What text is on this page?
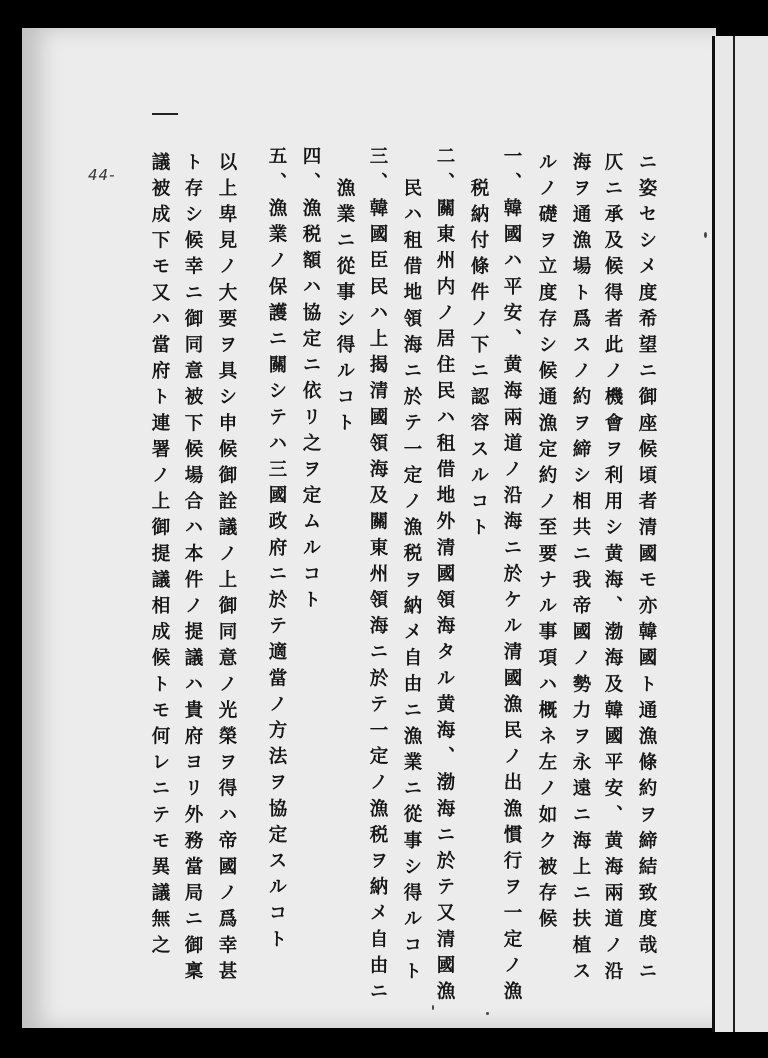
44-	ニ姿セシメ度希望ニ御座候頃者清國モ亦韓國ト通漁條約ヲ締結致度哉ニ
仄ニ承及候得者此ノ機會ヲ利用シ黄海、渤海及韓國平安、黄海兩道ノ沿
海ヲ通漁場ト爲スノ約ヲ締シ相共ニ我帝國ノ勢力ヲ永遠ニ海上ニ扶植ス
ルノ礎ヲ立度存シ候通漁定約ノ至要ナル事項ハ概ネ左ノ如ク被存候
一、韓國ハ平安、黄海兩道ノ沿海ニ於ケル清國漁民ノ出漁慣行ヲ一定ノ漁
税納付條件ノ下ニ認容スルコト
二、關東州内ノ居住民ハ租借地外清國領海タル黄海、渤海ニ於テ又清國漁
民ハ租借地領海ニ於テ一定ノ漁税ヲ納メ自由ニ漁業ニ從事シ得ルコト
三、韓國臣民ハ上揭清國領海及關東州領海ニ於テ一定ノ漁税ヲ納メ自由ニ
漁業ニ從事シ得ルコト
四、漁税額ハ協定ニ依リ之ヲ定ムルコト
五、漁業ノ保護ニ關シテハ三國政府ニ於テ適當ノ方法ヲ協定スルコト
以上卑見ノ大要ヲ具シ申候御詮議ノ上御同意ノ光榮ヲ得ハ帝國ノ爲幸甚
ト存シ候幸ニ御同意被下候場合ハ本件ノ提議ハ貴府ヨリ外務當局ニ御稟
議被成下モ又ハ當府ト連署ノ上御提議相成候トモ何レニテモ異議無之
